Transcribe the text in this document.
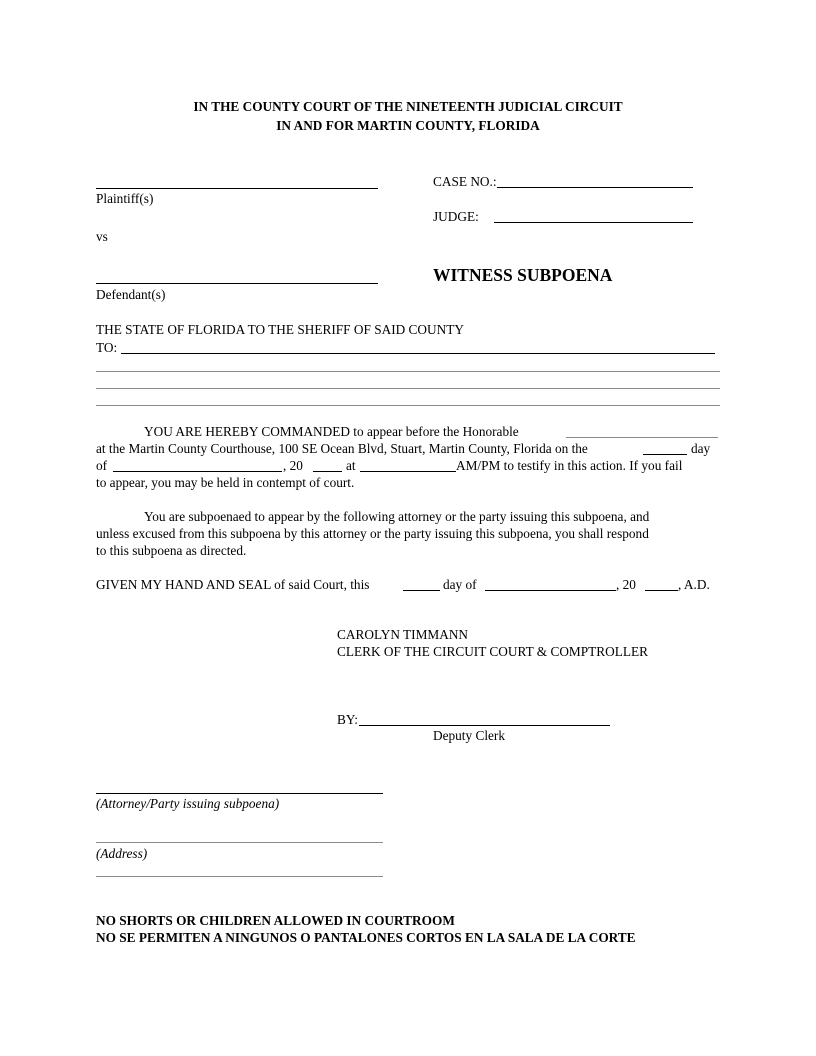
IN THE COUNTY COURT OF THE NINETEENTH JUDICIAL CIRCUIT
IN AND FOR MARTIN COUNTY, FLORIDA
Plaintiff(s)
vs
Defendant(s)
CASE NO.:
JUDGE:
WITNESS SUBPOENA
THE STATE OF FLORIDA TO THE SHERIFF OF SAID COUNTY
TO:
YOU ARE HEREBY COMMANDED to appear before the Honorable
at the Martin County Courthouse, 100 SE Ocean Blvd, Stuart, Martin County, Florida on the	day
of	, 20	at	AM/PM to testify in this action. If you fail
to appear, you may be held in contempt of court.
You are subpoenaed to appear by the following attorney or the party issuing this subpoena, and
unless excused from this subpoena by this attorney or the party issuing this subpoena, you shall respond
to this subpoena as directed.
GIVEN MY HAND AND SEAL of said Court, this	day of	, 20	, A.D.
CAROLYN TIMMANN
CLERK OF THE CIRCUIT COURT & COMPTROLLER
BY:
Deputy Clerk
(Attorney/Party issuing subpoena)
(Address)
NO SHORTS OR CHILDREN ALLOWED IN COURTROOM
NO SE PERMITEN A NINGUNOS O PANTALONES CORTOS EN LA SALA DE LA CORTE
